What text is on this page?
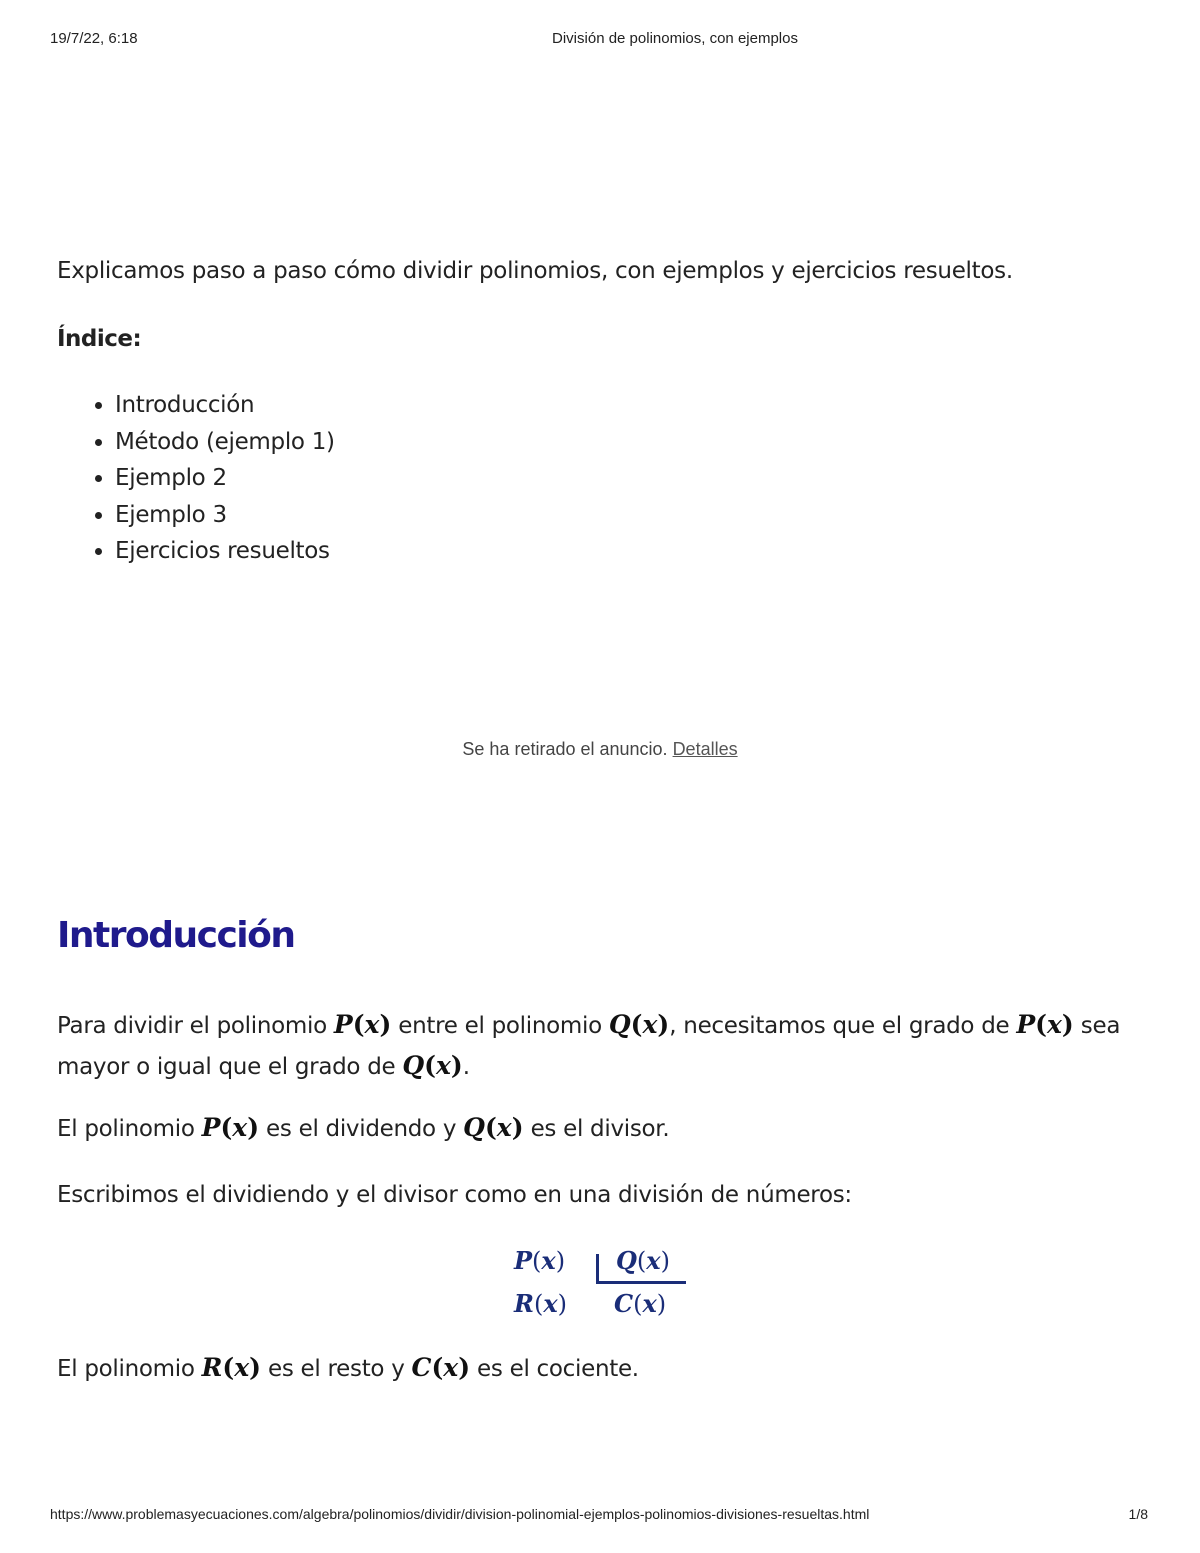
19/7/22, 6:18	División de polinomios, con ejemplos
Explicamos paso a paso cómo dividir polinomios, con ejemplos y ejercicios resueltos.
Índice:
• Introducción
• Método (ejemplo 1)
• Ejemplo 2
• Ejemplo 3
• Ejercicios resueltos
Se ha retirado el anuncio. Detalles
Introducción
Para dividir el polinomio P(x) entre el polinomio Q(x), necesitamos que el grado de P(x) sea mayor o igual que el grado de Q(x).
El polinomio P(x) es el dividendo y Q(x) es el divisor.
Escribimos el dividiendo y el divisor como en una división de números:
P(x) Q(x)
R(x) C(x)
El polinomio R(x) es el resto y C(x) es el cociente.
https://www.problemasyecuaciones.com/algebra/polinomios/dividir/division-polinomial-ejemplos-polinomios-divisiones-resueltas.html	1/8
